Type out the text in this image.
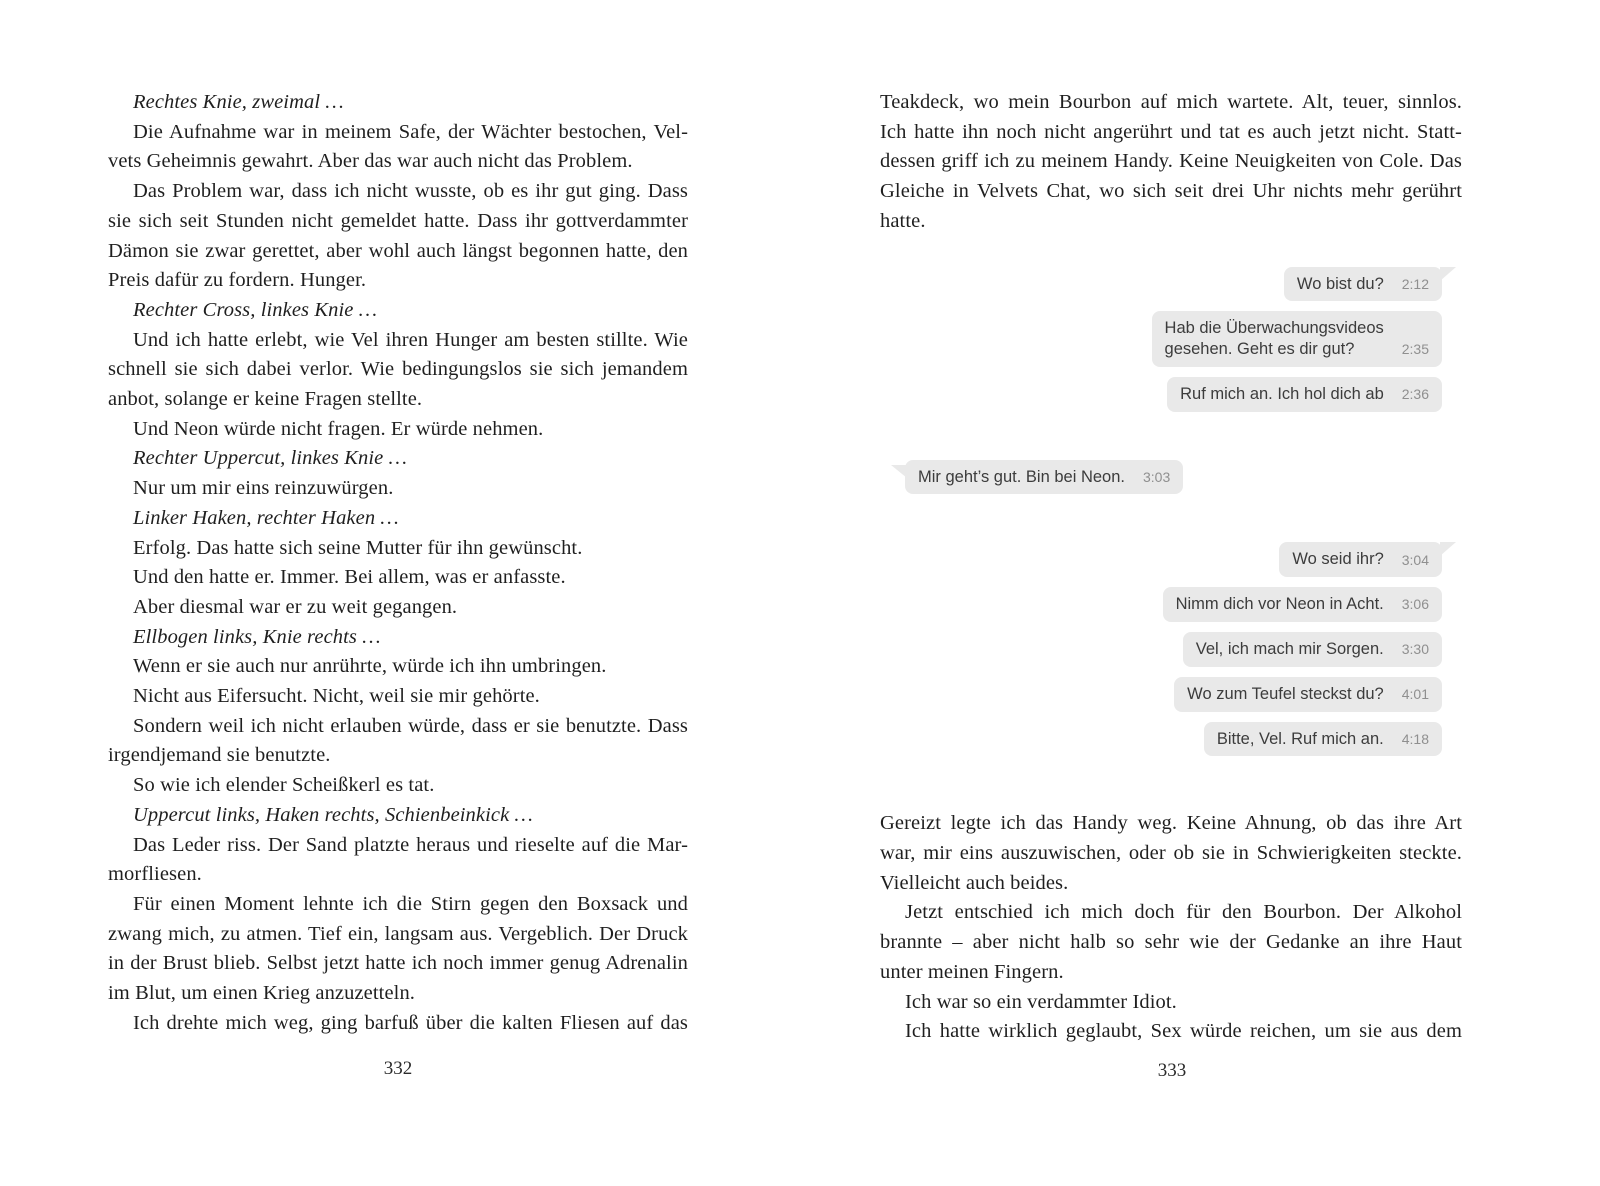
Rechtes Knie, zweimal …
Die Aufnahme war in meinem Safe, der Wächter bestochen, Vel-
vets Geheimnis gewahrt. Aber das war auch nicht das Problem.
Das Problem war, dass ich nicht wusste, ob es ihr gut ging. Dass
sie sich seit Stunden nicht gemeldet hatte. Dass ihr gottverdammter
Dämon sie zwar gerettet, aber wohl auch längst begonnen hatte, den
Preis dafür zu fordern. Hunger.
Rechter Cross, linkes Knie …
Und ich hatte erlebt, wie Vel ihren Hunger am besten stillte. Wie
schnell sie sich dabei verlor. Wie bedingungslos sie sich jemandem
anbot, solange er keine Fragen stellte.
Und Neon würde nicht fragen. Er würde nehmen.
Rechter Uppercut, linkes Knie …
Nur um mir eins reinzuwürgen.
Linker Haken, rechter Haken …
Erfolg. Das hatte sich seine Mutter für ihn gewünscht.
Und den hatte er. Immer. Bei allem, was er anfasste.
Aber diesmal war er zu weit gegangen.
Ellbogen links, Knie rechts …
Wenn er sie auch nur anrührte, würde ich ihn umbringen.
Nicht aus Eifersucht. Nicht, weil sie mir gehörte.
Sondern weil ich nicht erlauben würde, dass er sie benutzte. Dass
irgendjemand sie benutzte.
So wie ich elender Scheißkerl es tat.
Uppercut links, Haken rechts, Schienbeinkick …
Das Leder riss. Der Sand platzte heraus und rieselte auf die Mar-
morfliesen.
Für einen Moment lehnte ich die Stirn gegen den Boxsack und
zwang mich, zu atmen. Tief ein, langsam aus. Vergeblich. Der Druck
in der Brust blieb. Selbst jetzt hatte ich noch immer genug Adrenalin
im Blut, um einen Krieg anzuzetteln.
Ich drehte mich weg, ging barfuß über die kalten Fliesen auf das
Teakdeck, wo mein Bourbon auf mich wartete. Alt, teuer, sinnlos.
Ich hatte ihn noch nicht angerührt und tat es auch jetzt nicht. Statt-
dessen griff ich zu meinem Handy. Keine Neuigkeiten von Cole. Das
Gleiche in Velvets Chat, wo sich seit drei Uhr nichts mehr gerührt
hatte.
Wo bist du? 2:12
Hab die Überwachungsvideos
gesehen. Geht es dir gut?	2:35
Ruf mich an. Ich hol dich ab 2:36
Mir geht’s gut. Bin bei Neon. 3:03
Wo seid ihr? 3:04
Nimm dich vor Neon in Acht. 3:06
Vel, ich mach mir Sorgen. 3:30
Wo zum Teufel steckst du? 4:01
Bitte, Vel. Ruf mich an. 4:18
Gereizt legte ich das Handy weg. Keine Ahnung, ob das ihre Art
war, mir eins auszuwischen, oder ob sie in Schwierigkeiten steckte.
Vielleicht auch beides.
Jetzt entschied ich mich doch für den Bourbon. Der Alkohol
brannte – aber nicht halb so sehr wie der Gedanke an ihre Haut
unter meinen Fingern.
Ich war so ein verdammter Idiot.
Ich hatte wirklich geglaubt, Sex würde reichen, um sie aus dem
332	333
